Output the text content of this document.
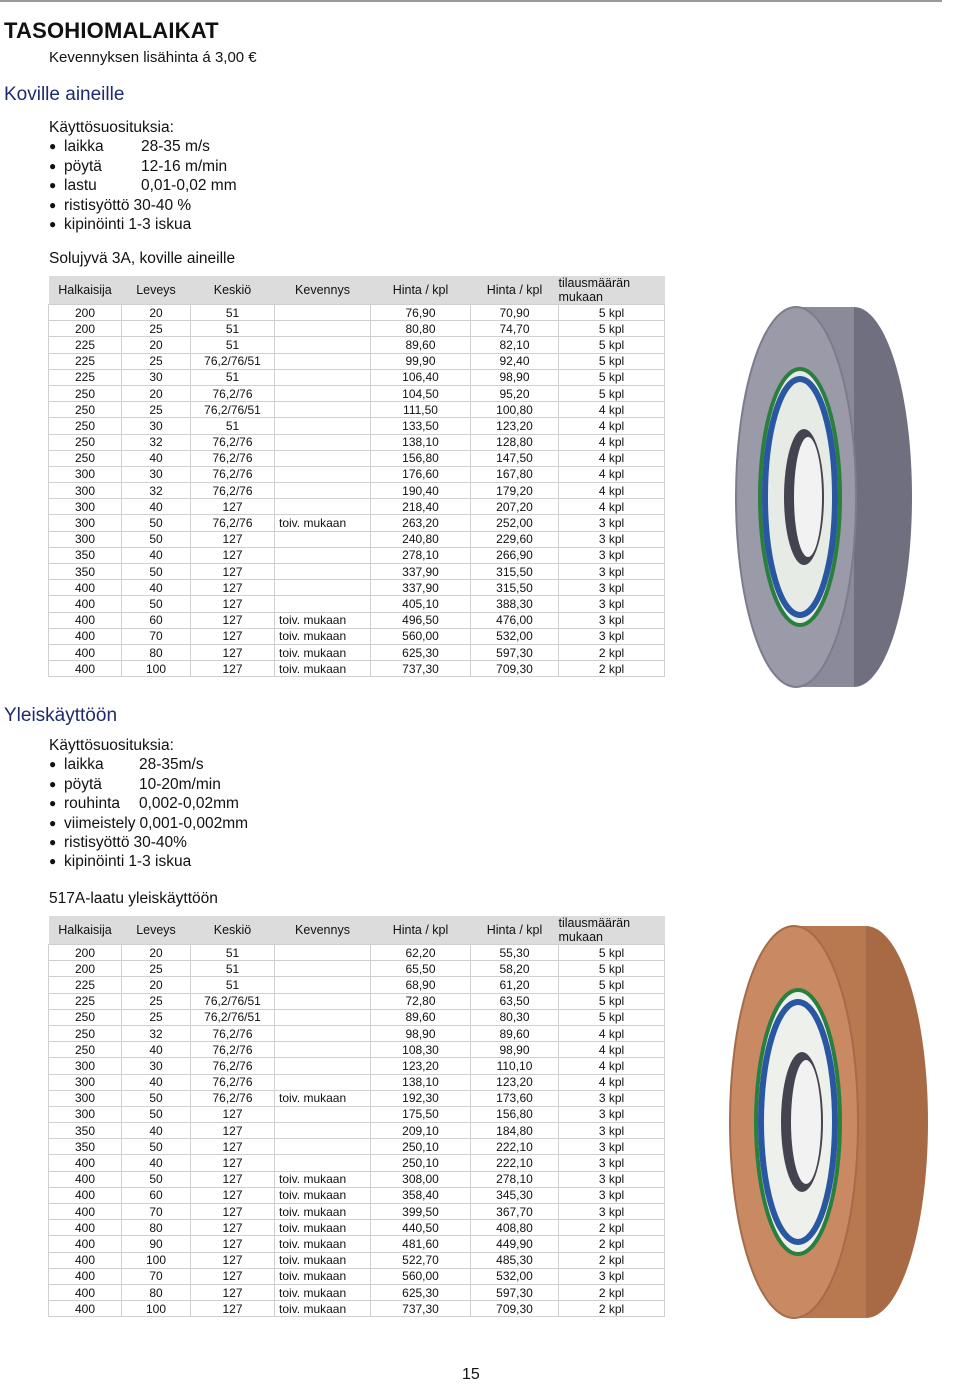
TASOHIOMALAIKAT
Kevennyksen lisähinta á 3,00 €
Koville aineille
Käyttösuosituksia:
● laikka	28-35 m/s
● pöytä	12-16 m/min
● lastu	0,01-0,02 mm
● ristisyöttö 30-40 %
● kipinöinti 1-3 iskua
Solujyvä 3A, koville aineille
Halkaisija	Leveys	Keskiö	Kevennys	Hinta / kpl	Hinta / kpl	tilausmäärän mukaan
200	20	51		76,90	70,90	5 kpl
200	25	51		80,80	74,70	5 kpl
225	20	51		89,60	82,10	5 kpl
225	25	76,2/76/51		99,90	92,40	5 kpl
225	30	51		106,40	98,90	5 kpl
250	20	76,2/76		104,50	95,20	5 kpl
250	25	76,2/76/51		111,50	100,80	4 kpl
250	30	51		133,50	123,20	4 kpl
250	32	76,2/76		138,10	128,80	4 kpl
250	40	76,2/76		156,80	147,50	4 kpl
300	30	76,2/76		176,60	167,80	4 kpl
300	32	76,2/76		190,40	179,20	4 kpl
300	40	127		218,40	207,20	4 kpl
300	50	76,2/76	toiv. mukaan	263,20	252,00	3 kpl
300	50	127		240,80	229,60	3 kpl
350	40	127		278,10	266,90	3 kpl
350	50	127		337,90	315,50	3 kpl
400	40	127		337,90	315,50	3 kpl
400	50	127		405,10	388,30	3 kpl
400	60	127	toiv. mukaan	496,50	476,00	3 kpl
400	70	127	toiv. mukaan	560,00	532,00	3 kpl
400	80	127	toiv. mukaan	625,30	597,30	2 kpl
400	100	127	toiv. mukaan	737,30	709,30	2 kpl
Yleiskäyttöön
Käyttösuosituksia:
● laikka	28-35m/s
● pöytä	10-20m/min
● rouhinta	0,002-0,02mm
● viimeistely 0,001-0,002mm
● ristisyöttö 30-40%
● kipinöinti 1-3 iskua
517A-laatu yleiskäyttöön
Halkaisija	Leveys	Keskiö	Kevennys	Hinta / kpl	Hinta / kpl	tilausmäärän mukaan
200	20	51		62,20	55,30	5 kpl
200	25	51		65,50	58,20	5 kpl
225	20	51		68,90	61,20	5 kpl
225	25	76,2/76/51		72,80	63,50	5 kpl
250	25	76,2/76/51		89,60	80,30	5 kpl
250	32	76,2/76		98,90	89,60	4 kpl
250	40	76,2/76		108,30	98,90	4 kpl
300	30	76,2/76		123,20	110,10	4 kpl
300	40	76,2/76		138,10	123,20	4 kpl
300	50	76,2/76	toiv. mukaan	192,30	173,60	3 kpl
300	50	127		175,50	156,80	3 kpl
350	40	127		209,10	184,80	3 kpl
350	50	127		250,10	222,10	3 kpl
400	40	127		250,10	222,10	3 kpl
400	50	127	toiv. mukaan	308,00	278,10	3 kpl
400	60	127	toiv. mukaan	358,40	345,30	3 kpl
400	70	127	toiv. mukaan	399,50	367,70	3 kpl
400	80	127	toiv. mukaan	440,50	408,80	2 kpl
400	90	127	toiv. mukaan	481,60	449,90	2 kpl
400	100	127	toiv. mukaan	522,70	485,30	2 kpl
400	70	127	toiv. mukaan	560,00	532,00	3 kpl
400	80	127	toiv. mukaan	625,30	597,30	2 kpl
400	100	127	toiv. mukaan	737,30	709,30	2 kpl
15
